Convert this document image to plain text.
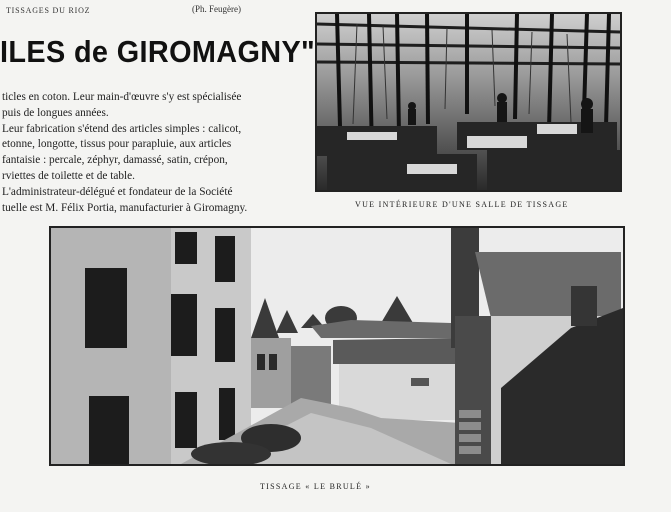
TISSAGES DU RIOZ	(Ph. Feugère)
ILES de GIROMAGNY"

ticles en coton. Leur main-d'œuvre s'y est spécialisée

puis de longues années.

Leur fabrication s'étend des articles simples : calicot,

etonne, longotte, tissus pour parapluie, aux articles

fantaisie : percale, zéphyr, damassé, satin, crépon,

rviettes de toilette et de table.

L'administrateur-délégué et fondateur de la Société

tuelle est M. Félix Portia, manufacturier à Giromagny.	VUE INTÉRIEURE D'UNE SALLE DE TISSAGE
TISSAGE « LE BRULÉ »
